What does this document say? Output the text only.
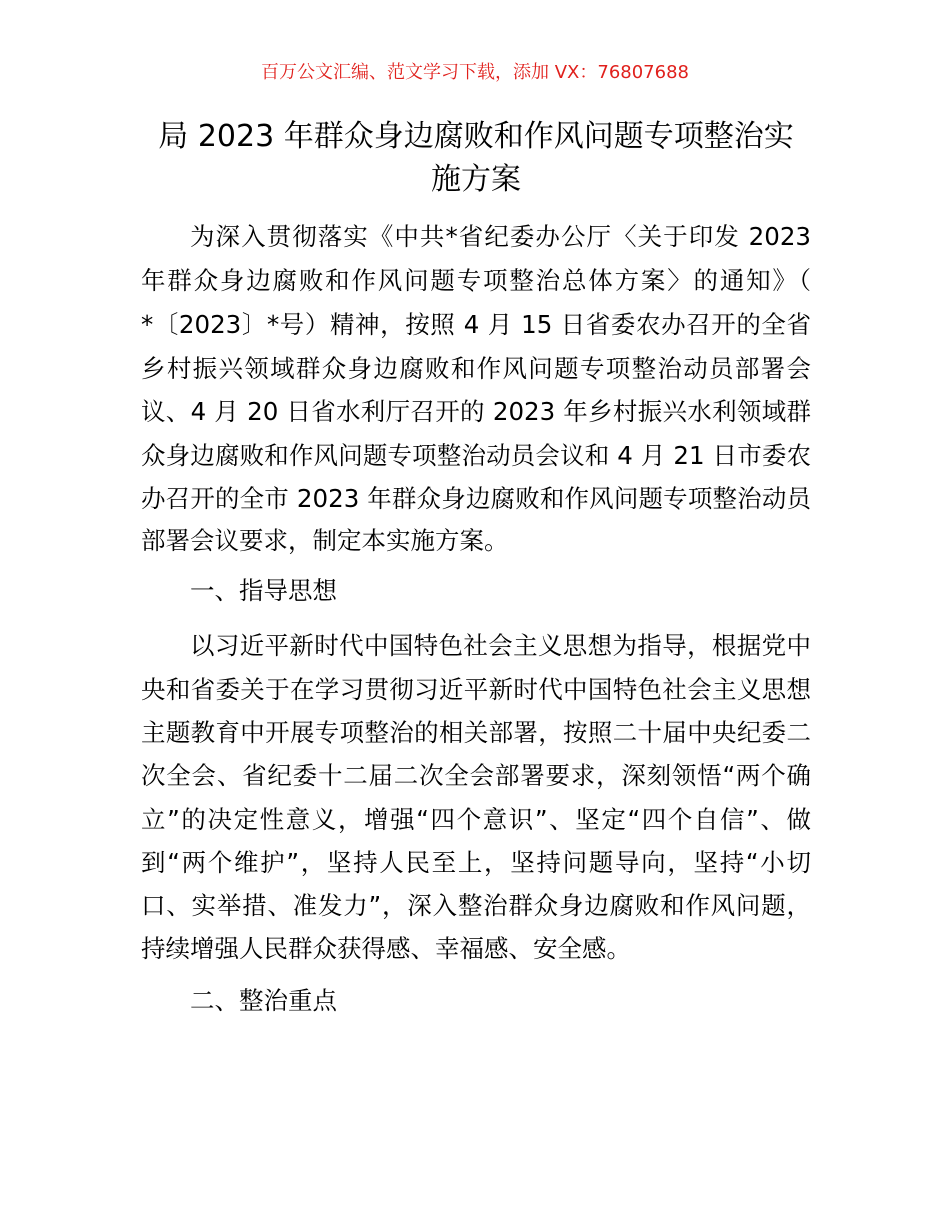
百万公文汇编、范文学习下载，添加 VX：76807688
局 2023 年群众身边腐败和作风问题专项整治实
施方案
为深入贯彻落实《中共*省纪委办公厅〈关于印发 2023
年群众身边腐败和作风问题专项整治总体方案〉的通知》（
*〔2023〕*号）精神，按照 4 月 15 日省委农办召开的全省
乡村振兴领域群众身边腐败和作风问题专项整治动员部署会
议、4 月 20 日省水利厅召开的 2023 年乡村振兴水利领域群
众身边腐败和作风问题专项整治动员会议和 4 月 21 日市委农
办召开的全市 2023 年群众身边腐败和作风问题专项整治动员
部署会议要求，制定本实施方案。
一、指导思想
以习近平新时代中国特色社会主义思想为指导，根据党中
央和省委关于在学习贯彻习近平新时代中国特色社会主义思想
主题教育中开展专项整治的相关部署，按照二十届中央纪委二
次全会、省纪委十二届二次全会部署要求，深刻领悟“两个确
立”的决定性意义，增强“四个意识”、坚定“四个自信”、做
到“两个维护”，坚持人民至上，坚持问题导向，坚持“小切
口、实举措、准发力”，深入整治群众身边腐败和作风问题，
持续增强人民群众获得感、幸福感、安全感。
二、整治重点
